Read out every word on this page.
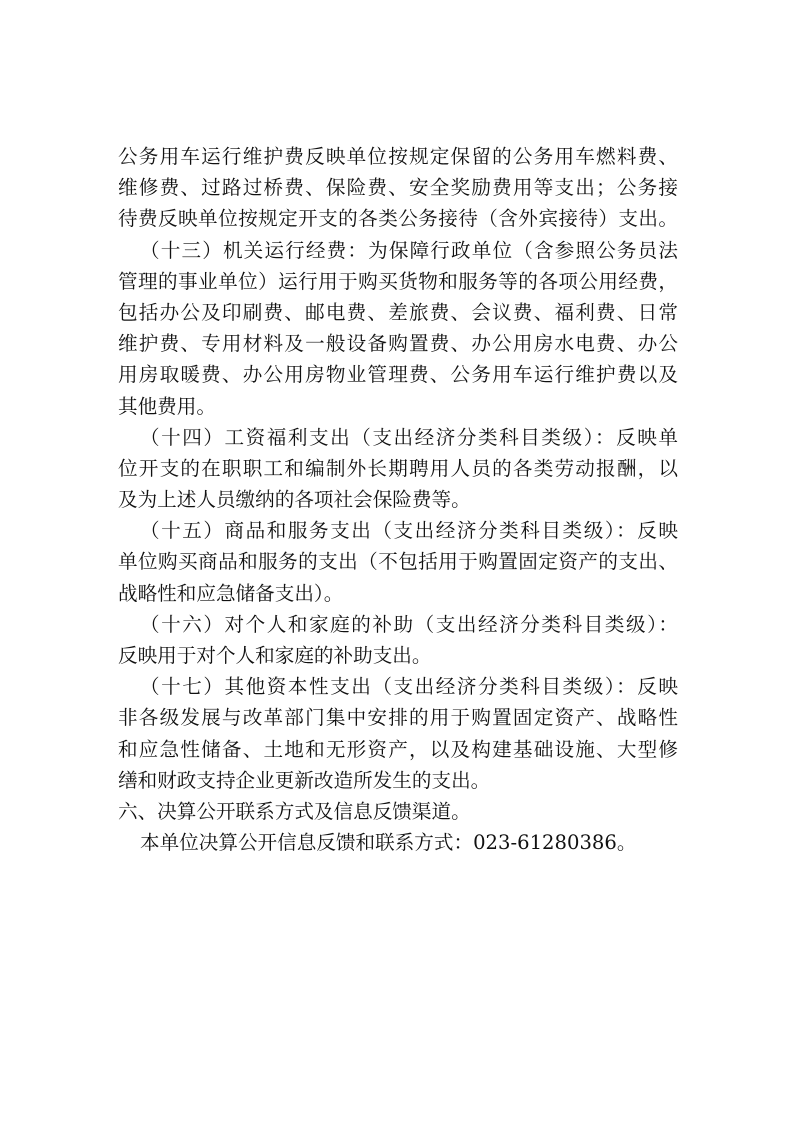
公务用车运行维护费反映单位按规定保留的公务用车燃料费、
维修费、过路过桥费、保险费、安全奖励费用等支出；公务接
待费反映单位按规定开支的各类公务接待（含外宾接待）支出。
（十三）机关运行经费：为保障行政单位（含参照公务员法
管理的事业单位）运行用于购买货物和服务等的各项公用经费，
包括办公及印刷费、邮电费、差旅费、会议费、福利费、日常
维护费、专用材料及一般设备购置费、办公用房水电费、办公
用房取暖费、办公用房物业管理费、公务用车运行维护费以及
其他费用。
（十四）工资福利支出（支出经济分类科目类级）：反映单
位开支的在职职工和编制外长期聘用人员的各类劳动报酬，以
及为上述人员缴纳的各项社会保险费等。
（十五）商品和服务支出（支出经济分类科目类级）：反映
单位购买商品和服务的支出（不包括用于购置固定资产的支出、
战略性和应急储备支出）。
（十六）对个人和家庭的补助（支出经济分类科目类级）：
反映用于对个人和家庭的补助支出。
（十七）其他资本性支出（支出经济分类科目类级）：反映
非各级发展与改革部门集中安排的用于购置固定资产、战略性
和应急性储备、土地和无形资产，以及构建基础设施、大型修
缮和财政支持企业更新改造所发生的支出。
六、决算公开联系方式及信息反馈渠道。
本单位决算公开信息反馈和联系方式：023-61280386。
